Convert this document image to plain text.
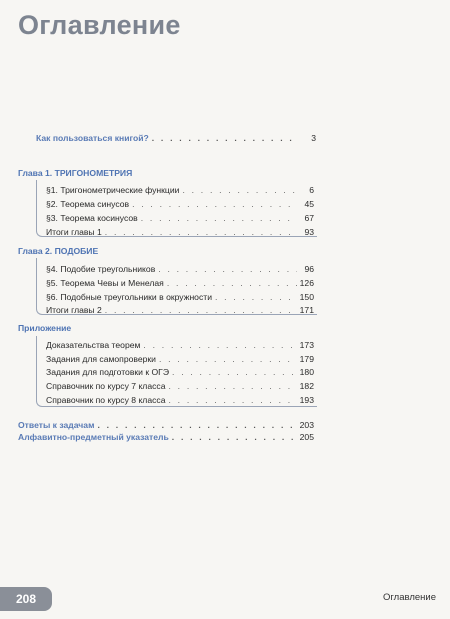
Оглавление
Как пользоваться книгой? . . .	3
Глава 1. ТРИГОНОМЕТРИЯ
§1. Тригонометрические функции . . .	6
§2. Теорема синусов . . .	45
§3. Теорема косинусов . . .	67
Итоги главы 1 . . .	93
Глава 2. ПОДОБИЕ
§4. Подобие треугольников . . .	96
§5. Теорема Чевы и Менелая . . .	126
§6. Подобные треугольники в окружности . . .	150
Итоги главы 2 . . .	171
Приложение
Доказательства теорем . . .	173
Задания для самопроверки . . .	179
Задания для подготовки к ОГЭ . . .	180
Справочник по курсу 7 класса . . .	182
Справочник по курсу 8 класса . . .	193
Ответы к задачам . . .	203
Алфавитно-предметный указатель . . .	205
208	Оглавление
